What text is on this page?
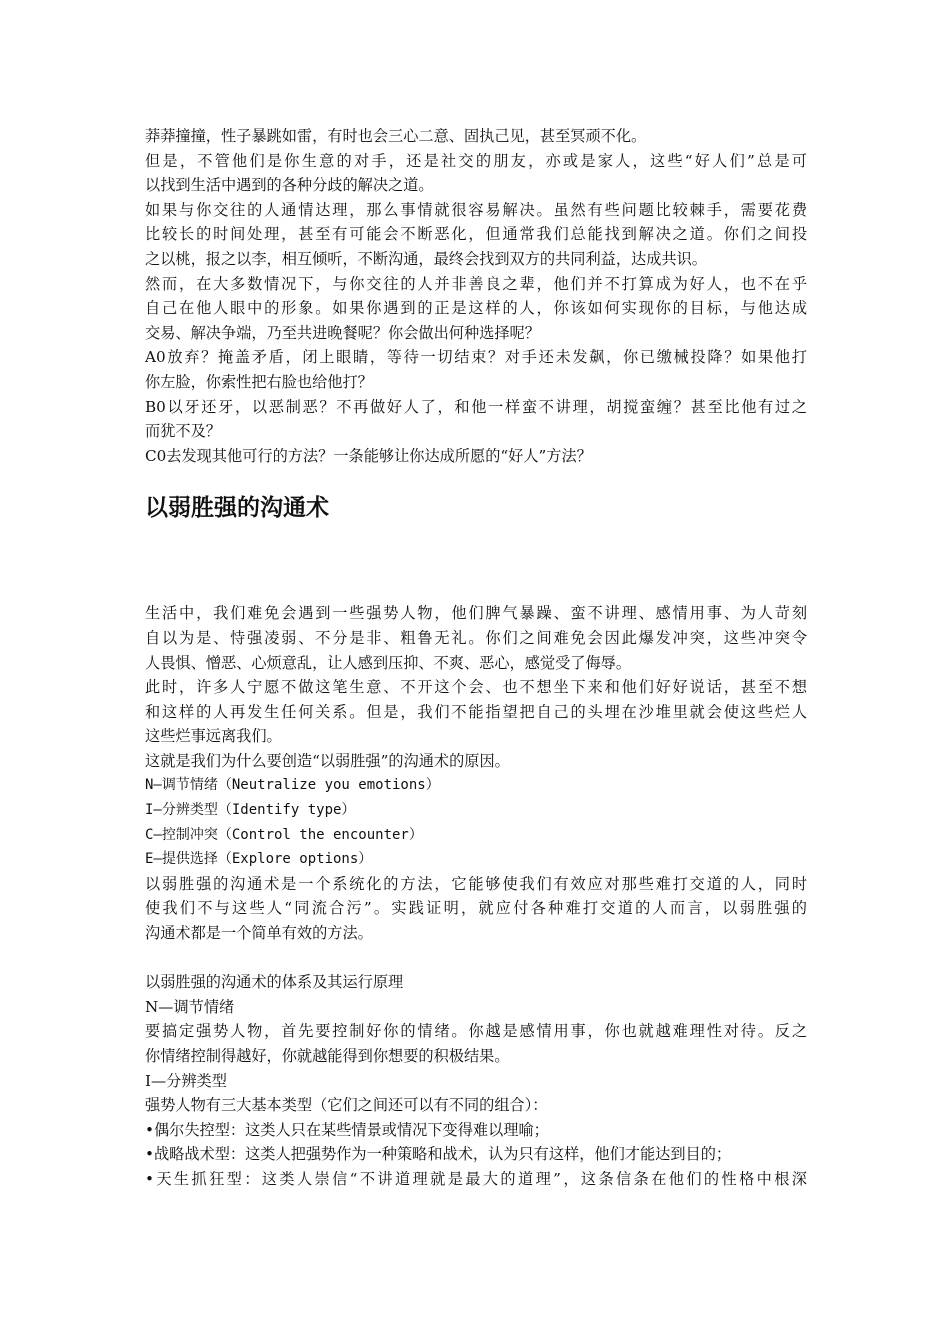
莽莽撞撞，性子暴跳如雷，有时也会三心二意、固执己见，甚至冥顽不化。
但是，不管他们是你生意的对手，还是社交的朋友，亦或是家人，这些“好人们”总是可
以找到生活中遇到的各种分歧的解决之道。
如果与你交往的人通情达理，那么事情就很容易解决。虽然有些问题比较棘手，需要花费
比较长的时间处理，甚至有可能会不断恶化，但通常我们总能找到解决之道。你们之间投
之以桃，报之以李，相互倾听，不断沟通，最终会找到双方的共同利益，达成共识。
然而，在大多数情况下，与你交往的人并非善良之辈，他们并不打算成为好人，也不在乎
自己在他人眼中的形象。如果你遇到的正是这样的人，你该如何实现你的目标，与他达成
交易、解决争端，乃至共进晚餐呢？你会做出何种选择呢？
A0放弃？掩盖矛盾，闭上眼睛，等待一切结束？对手还未发飙，你已缴械投降？如果他打
你左脸，你索性把右脸也给他打？
B0以牙还牙，以恶制恶？不再做好人了，和他一样蛮不讲理，胡搅蛮缠？甚至比他有过之
而犹不及？
C0去发现其他可行的方法？一条能够让你达成所愿的“好人”方法？
以弱胜强的沟通术
生活中，我们难免会遇到一些强势人物，他们脾气暴躁、蛮不讲理、感情用事、为人苛刻
自以为是、恃强凌弱、不分是非、粗鲁无礼。你们之间难免会因此爆发冲突，这些冲突令
人畏惧、憎恶、心烦意乱，让人感到压抑、不爽、恶心，感觉受了侮辱。
此时，许多人宁愿不做这笔生意、不开这个会、也不想坐下来和他们好好说话，甚至不想
和这样的人再发生任何关系。但是，我们不能指望把自己的头埋在沙堆里就会使这些烂人
这些烂事远离我们。
这就是我们为什么要创造“以弱胜强”的沟通术的原因。
N—调节情绪（Neutralize you emotions）
I—分辨类型（Identify type）
C—控制冲突（Control the encounter）
E—提供选择（Explore options）
以弱胜强的沟通术是一个系统化的方法，它能够使我们有效应对那些难打交道的人，同时
使我们不与这些人“同流合污”。实践证明，就应付各种难打交道的人而言，以弱胜强的
沟通术都是一个简单有效的方法。
以弱胜强的沟通术的体系及其运行原理
N—调节情绪
要搞定强势人物，首先要控制好你的情绪。你越是感情用事，你也就越难理性对待。反之
你情绪控制得越好，你就越能得到你想要的积极结果。
I—分辨类型
强势人物有三大基本类型（它们之间还可以有不同的组合）：
•偶尔失控型：这类人只在某些情景或情况下变得难以理喻；
•战略战术型：这类人把强势作为一种策略和战术，认为只有这样，他们才能达到目的；
•天生抓狂型：这类人崇信“不讲道理就是最大的道理”，这条信条在他们的性格中根深
